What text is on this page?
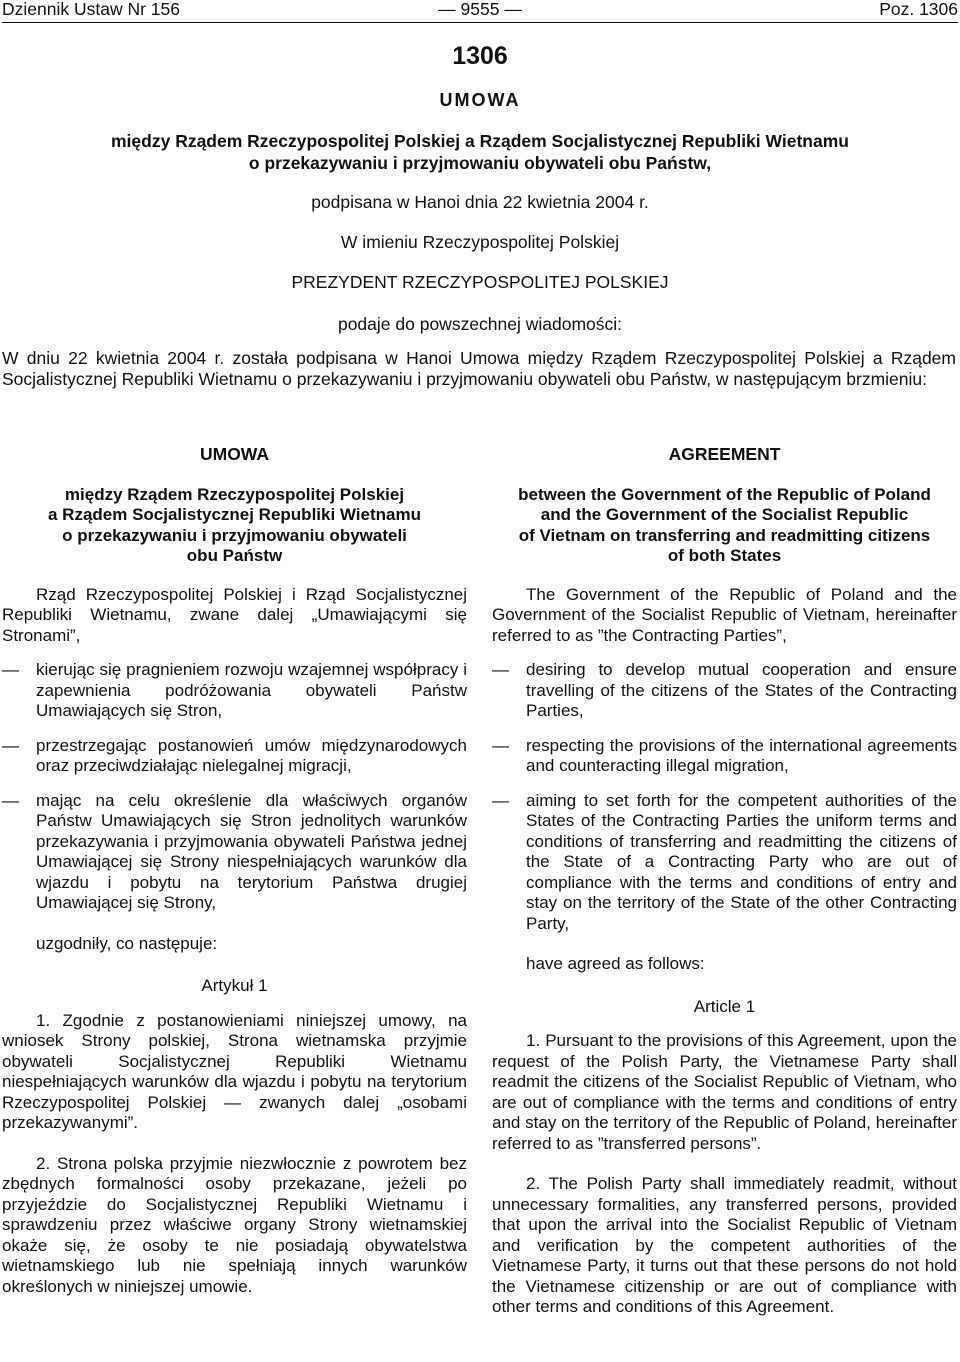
Dziennik Ustaw Nr 156	— 9555 —	Poz. 1306
1306
UMOWA
między Rządem Rzeczypospolitej Polskiej a Rządem Socjalistycznej Republiki Wietnamu
o przekazywaniu i przyjmowaniu obywateli obu Państw,
podpisana w Hanoi dnia 22 kwietnia 2004 r.
W imieniu Rzeczypospolitej Polskiej
PREZYDENT RZECZYPOSPOLITEJ POLSKIEJ
podaje do powszechnej wiadomości:
W dniu 22 kwietnia 2004 r. została podpisana w Hanoi Umowa między Rządem Rzeczypospolitej Polskiej a Rządem Socjalistycznej Republiki Wietnamu o przekazywaniu i przyjmowaniu obywateli obu Państw, w następującym brzmieniu:
UMOWA
między Rządem Rzeczypospolitej Polskiej
a Rządem Socjalistycznej Republiki Wietnamu
o przekazywaniu i przyjmowaniu obywateli
obu Państw

Rząd Rzeczypospolitej Polskiej i Rząd Socjalistycznej Republiki Wietnamu, zwane dalej „Umawiającymi się Stronami”,

—	kierując się pragnieniem rozwoju wzajemnej współpracy i zapewnienia podróżowania obywateli Państw Umawiających się Stron,
—	przestrzegając postanowień umów międzynarodowych oraz przeciwdziałając nielegalnej migracji,
—	mając na celu określenie dla właściwych organów Państw Umawiających się Stron jednolitych warunków przekazywania i przyjmowania obywateli Państwa jednej Umawiającej się Strony niespełniających warunków dla wjazdu i pobytu na terytorium Państwa drugiej Umawiającej się Strony,
uzgodniły, co następuje:
Artykuł 1

1. Zgodnie z postanowieniami niniejszej umowy, na wniosek Strony polskiej, Strona wietnamska przyjmie obywateli Socjalistycznej Republiki Wietnamu niespełniających warunków dla wjazdu i pobytu na terytorium Rzeczypospolitej Polskiej — zwanych dalej „osobami przekazywanymi”.

2. Strona polska przyjmie niezwłocznie z powrotem bez zbędnych formalności osoby przekazane, jeżeli po przyjeździe do Socjalistycznej Republiki Wietnamu i sprawdzeniu przez właściwe organy Strony wietnamskiej okaże się, że osoby te nie posiadają obywatelstwa wietnamskiego lub nie spełniają innych warunków określonych w niniejszej umowie.

AGREEMENT
between the Government of the Republic of Poland
and the Government of the Socialist Republic
of Vietnam on transferring and readmitting citizens
of both States

The Government of the Republic of Poland and the Government of the Socialist Republic of Vietnam, hereinafter referred to as ”the Contracting Parties”,

—	desiring to develop mutual cooperation and ensure travelling of the citizens of the States of the Contracting Parties,
—	respecting the provisions of the international agreements and counteracting illegal migration,
—	aiming to set forth for the competent authorities of the States of the Contracting Parties the uniform terms and conditions of transferring and readmitting the citizens of the State of a Contracting Party who are out of compliance with the terms and conditions of entry and stay on the territory of the State of the other Contracting Party,
have agreed as follows:
Article 1

1. Pursuant to the provisions of this Agreement, upon the request of the Polish Party, the Vietnamese Party shall readmit the citizens of the Socialist Republic of Vietnam, who are out of compliance with the terms and conditions of entry and stay on the territory of the Republic of Poland, hereinafter referred to as ”transferred persons”.

2. The Polish Party shall immediately readmit, without unnecessary formalities, any transferred persons, provided that upon the arrival into the Socialist Republic of Vietnam and verification by the competent authorities of the Vietnamese Party, it turns out that these persons do not hold the Vietnamese citizenship or are out of compliance with other terms and conditions of this Agreement.
